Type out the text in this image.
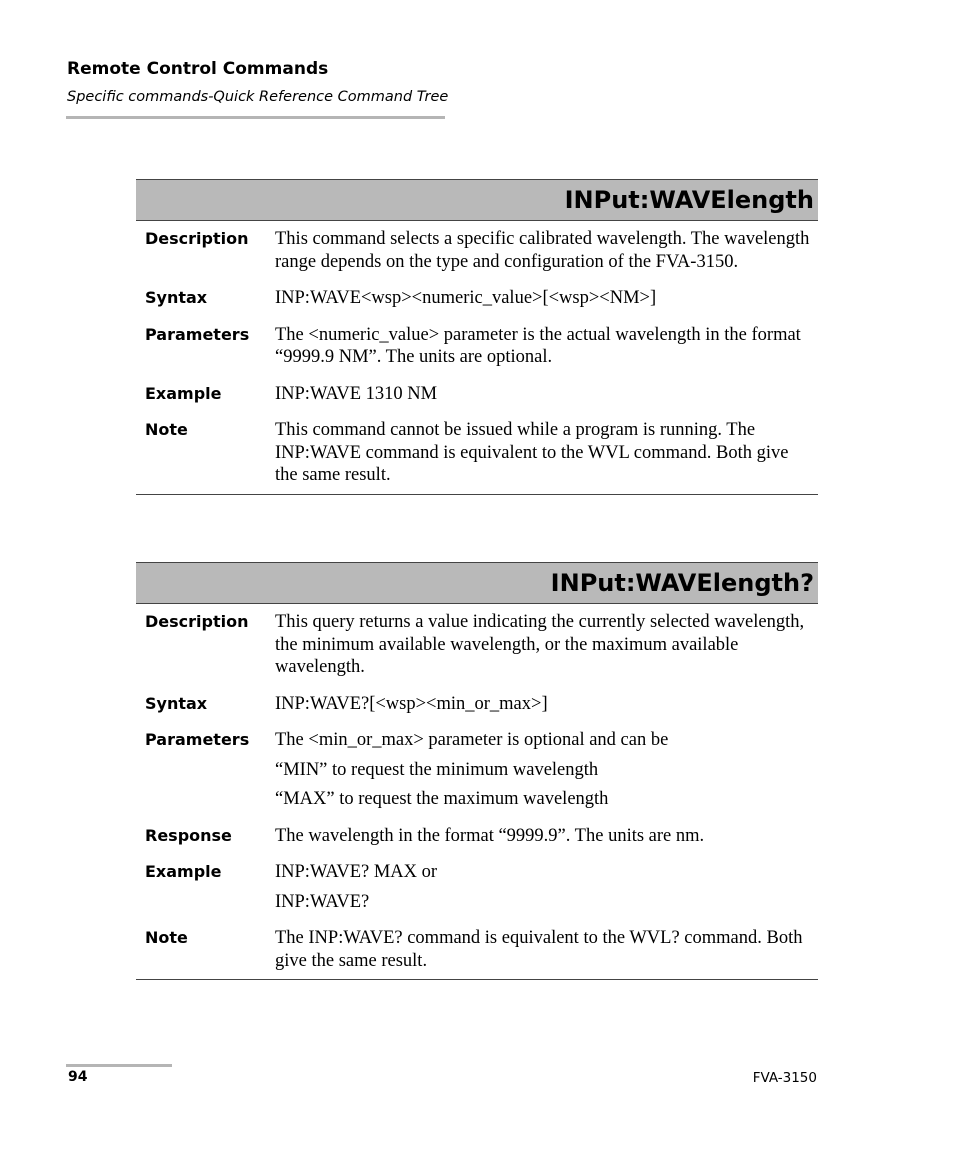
Remote Control Commands
Specific commands-Quick Reference Command Tree
INPut:WAVElength
Description	This command selects a specific calibrated wavelength. The wavelength range depends on the type and configuration of the FVA-3150.

Syntax	INP:WAVE<wsp><numeric_value>[<wsp><NM>]

Parameters	The <numeric_value> parameter is the actual wavelength in the format “9999.9 NM”. The units are optional.

Example	INP:WAVE 1310 NM

Note	This command cannot be issued while a program is running. The INP:WAVE command is equivalent to the WVL command. Both give the same result.

INPut:WAVElength?
Description	This query returns a value indicating the currently selected wavelength, the minimum available wavelength, or the maximum available wavelength.

Syntax	INP:WAVE?[<wsp><min_or_max>]

Parameters	The <min_or_max> parameter is optional and can be

“MIN” to request the minimum wavelength

“MAX” to request the maximum wavelength

Response	The wavelength in the format “9999.9”. The units are nm.

Example	INP:WAVE? MAX or

INP:WAVE?

Note	The INP:WAVE? command is equivalent to the WVL? command. Both give the same result.

94	FVA-3150
